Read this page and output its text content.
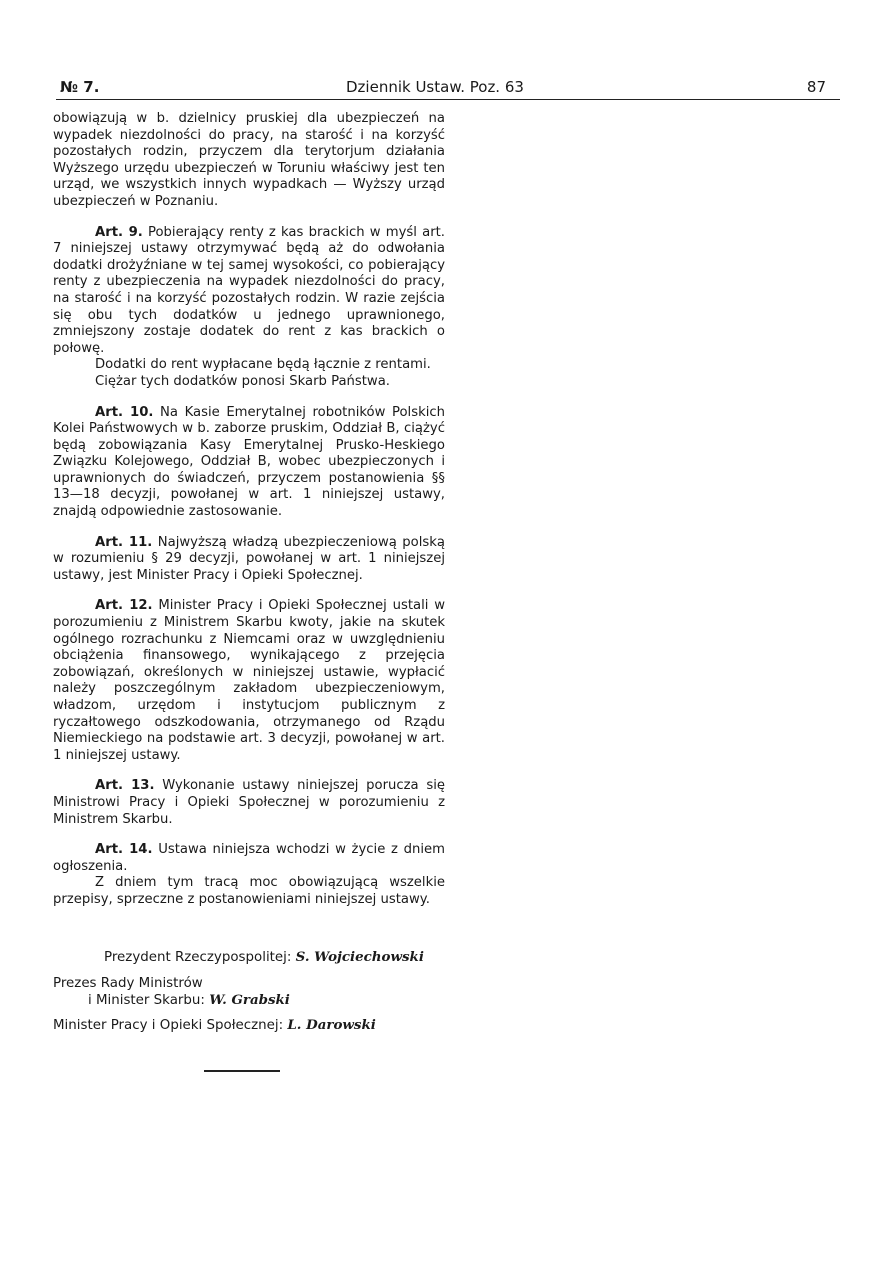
№ 7.	Dziennik Ustaw. Poz. 63	87

obowiązują w b. dzielnicy pruskiej dla ubezpieczeń na wypadek niezdolności do pracy, na starość i na korzyść pozostałych rodzin, przyczem dla terytorjum działania Wyższego urzędu ubezpieczeń w Toruniu właściwy jest ten urząd, we wszystkich innych wypadkach — Wyższy urząd ubezpieczeń w Poznaniu.

Art. 9. Pobierający renty z kas brackich w myśl art. 7 niniejszej ustawy otrzymywać będą aż do odwołania dodatki drożyźniane w tej samej wysokości, co pobierający renty z ubezpieczenia na wypadek niezdolności do pracy, na starość i na korzyść pozostałych rodzin. W razie zejścia się obu tych dodatków u jednego uprawnionego, zmniejszony zostaje dodatek do rent z kas brackich o połowę.

Dodatki do rent wypłacane będą łącznie z rentami.

Ciężar tych dodatków ponosi Skarb Państwa.

Art. 10. Na Kasie Emerytalnej robotników Polskich Kolei Państwowych w b. zaborze pruskim, Oddział B, ciążyć będą zobowiązania Kasy Emerytalnej Prusko-Heskiego Związku Kolejowego, Oddział B, wobec ubezpieczonych i uprawnionych do świadczeń, przyczem postanowienia §§ 13—18 decyzji, powołanej w art. 1 niniejszej ustawy, znajdą odpowiednie zastosowanie.

Art. 11. Najwyższą władzą ubezpieczeniową polską w rozumieniu § 29 decyzji, powołanej w art. 1 niniejszej ustawy, jest Minister Pracy i Opieki Społecznej.

Art. 12. Minister Pracy i Opieki Społecznej ustali w porozumieniu z Ministrem Skarbu kwoty, jakie na skutek ogólnego rozrachunku z Niemcami oraz w uwzględnieniu obciążenia finansowego, wynikającego z przejęcia zobowiązań, określonych w niniejszej ustawie, wypłacić należy poszczególnym zakładom ubezpieczeniowym, władzom, urzędom i instytucjom publicznym z ryczałtowego odszkodowania, otrzymanego od Rządu Niemieckiego na podstawie art. 3 decyzji, powołanej w art. 1 niniejszej ustawy.

Art. 13. Wykonanie ustawy niniejszej porucza się Ministrowi Pracy i Opieki Społecznej w porozumieniu z Ministrem Skarbu.

Art. 14. Ustawa niniejsza wchodzi w życie z dniem ogłoszenia.

Z dniem tym tracą moc obowiązującą wszelkie przepisy, sprzeczne z postanowieniami niniejszej ustawy.

Prezydent Rzeczypospolitej: S. Wojciechowski
Prezes Rady Ministrów
i Minister Skarbu: W. Grabski
Minister Pracy i Opieki Społecznej: L. Darowski
